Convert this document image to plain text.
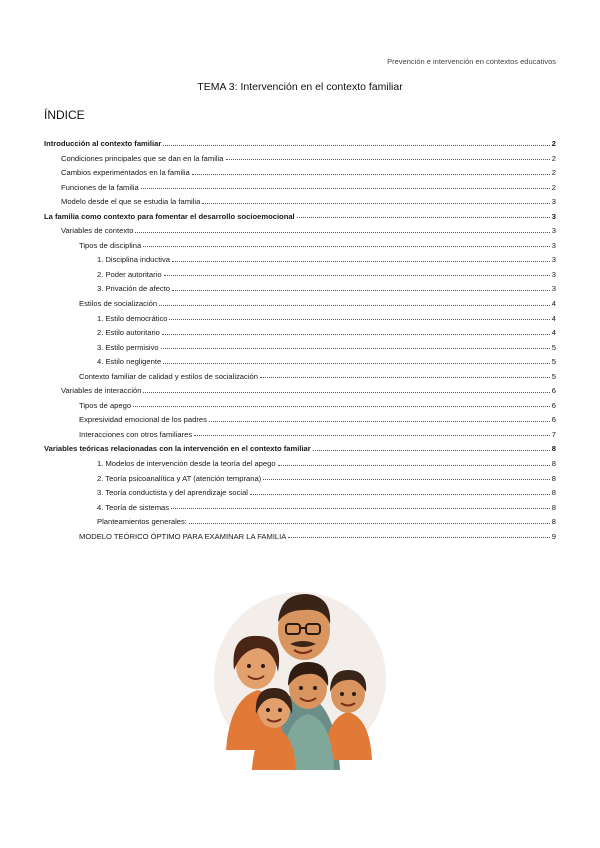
Prevención e intervención en contextos educativos
TEMA 3: Intervención en el contexto familiar
ÍNDICE
Introducción al contexto familiar	2
Condiciones principales que se dan en la familia	2
Cambios experimentados en la familia	2
Funciones de la familia	2
Modelo desde el que se estudia la familia	3
La familia como contexto para fomentar el desarrollo socioemocional	3
Variables de contexto	3
Tipos de disciplina	3
1. Disciplina inductiva	3
2. Poder autoritario	3
3. Privación de afecto	3
Estilos de socialización	4
1. Estilo democrático	4
2. Estilo autoritario	4
3. Estilo permisivo	5
4. Estilo negligente	5
Contexto familiar de calidad y estilos de socialización	5
Variables de interacción	6
Tipos de apego	6
Expresividad emocional de los padres	6
Interacciones con otros familiares	7
Variables teóricas relacionadas con la intervención en el contexto familiar	8
1. Modelos de intervención desde la teoría del apego	8
2. Teoría psicoanalítica y AT (atención temprana)	8
3. Teoría conductista y del aprendizaje social	8
4. Teoría de sistemas	8
Planteamientos generales:	8
MODELO TEÓRICO ÓPTIMO PARA EXAMINAR LA FAMILIA	9
